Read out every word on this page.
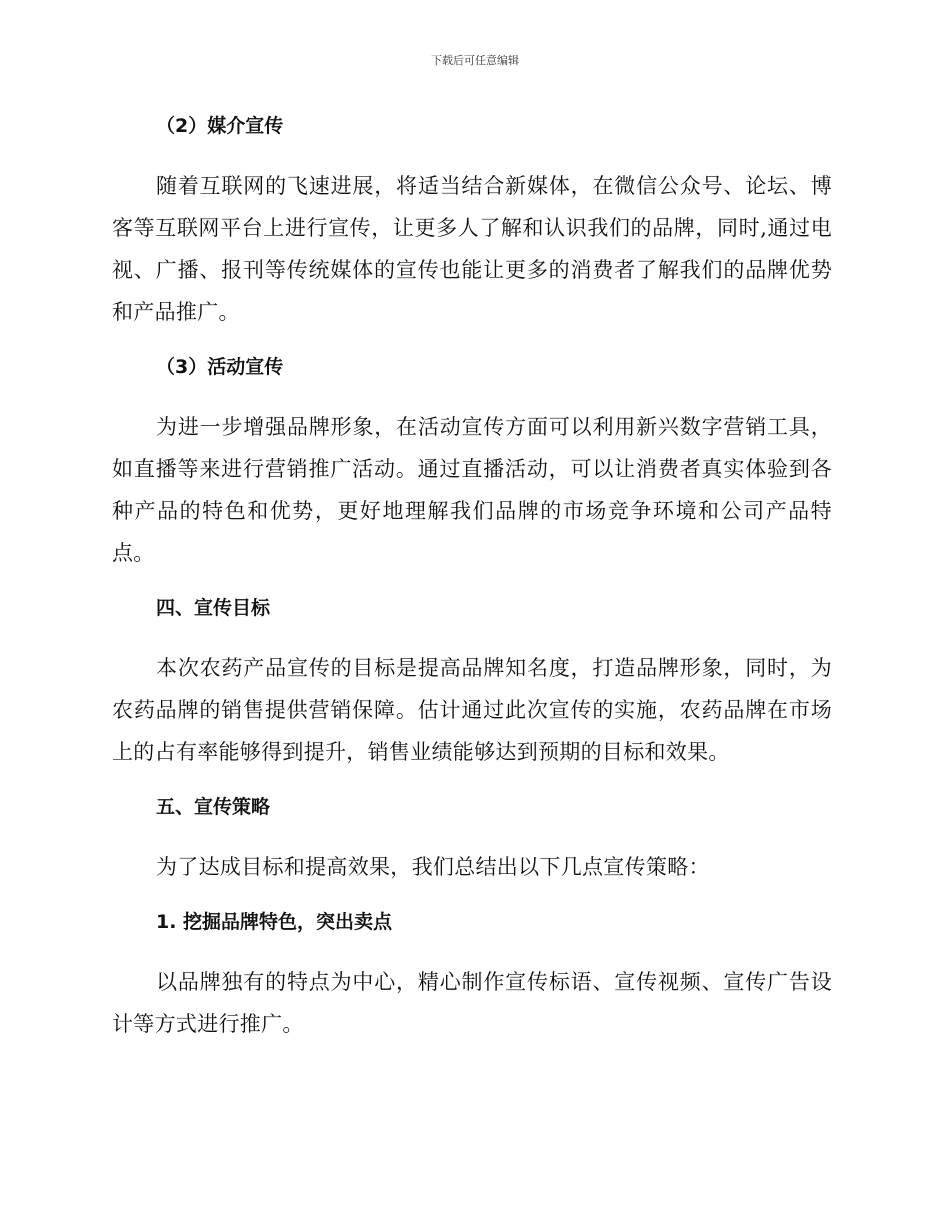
下载后可任意编辑
（2）媒介宣传

随着互联网的飞速进展，将适当结合新媒体，在微信公众号、论坛、博客等互联网平台上进行宣传，让更多人了解和认识我们的品牌，同时,通过电视、广播、报刊等传统媒体的宣传也能让更多的消费者了解我们的品牌优势和产品推广。

（3）活动宣传

为进一步增强品牌形象，在活动宣传方面可以利用新兴数字营销工具，如直播等来进行营销推广活动。通过直播活动，可以让消费者真实体验到各种产品的特色和优势，更好地理解我们品牌的市场竞争环境和公司产品特点。

四、宣传目标

本次农药产品宣传的目标是提高品牌知名度，打造品牌形象，同时，为农药品牌的销售提供营销保障。估计通过此次宣传的实施，农药品牌在市场上的占有率能够得到提升，销售业绩能够达到预期的目标和效果。

五、宣传策略

为了达成目标和提高效果，我们总结出以下几点宣传策略：

1. 挖掘品牌特色，突出卖点

以品牌独有的特点为中心，精心制作宣传标语、宣传视频、宣传广告设计等方式进行推广。
